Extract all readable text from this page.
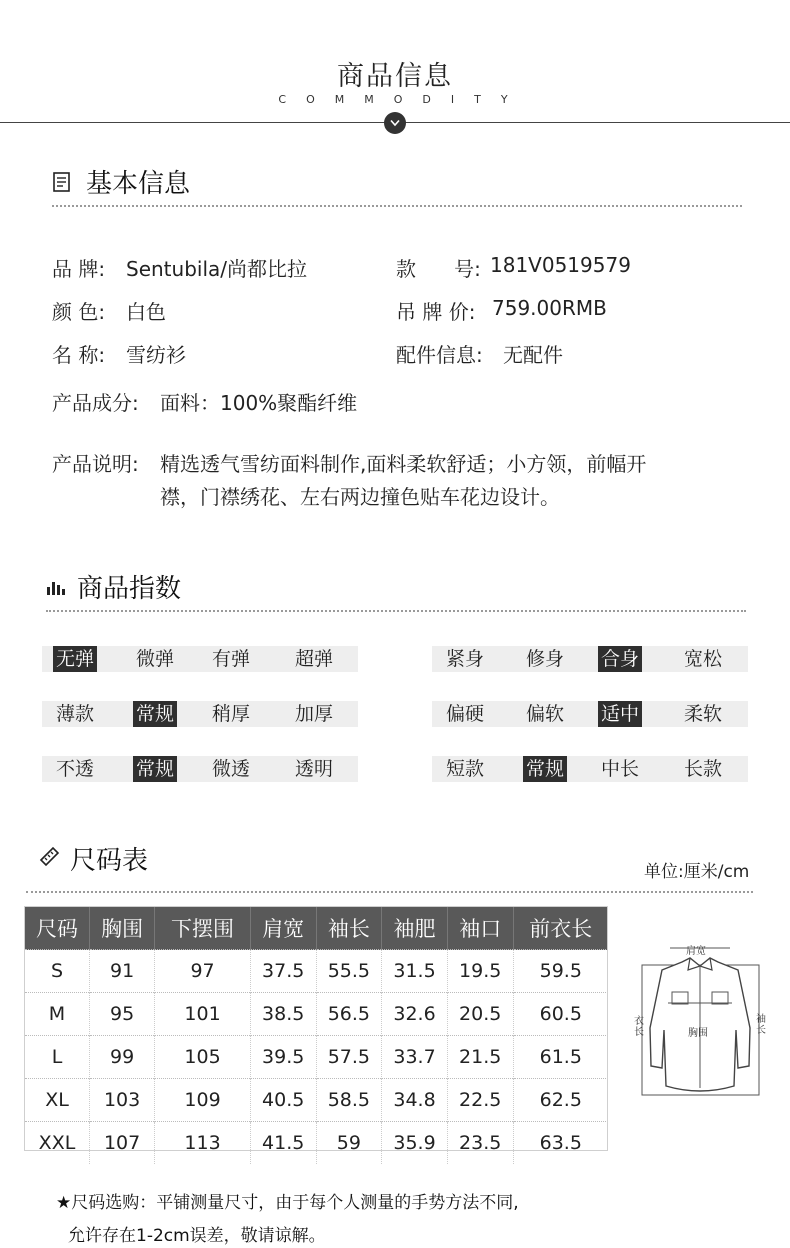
商品信息
COMMODITY
基本信息
品 牌: Sentubila/尚都比拉	款      号: 181V0519579
颜 色: 白色	吊 牌 价: 759.00RMB
名 称: 雪纺衫	配件信息: 无配件
产品成分: 面料：100%聚酯纤维
产品说明: 精选透气雪纺面料制作,面料柔软舒适；小方领，前幅开
襟，门襟绣花、左右两边撞色贴车花边设计。
商品指数
无弹 微弹 有弹 超弹	紧身 修身 合身 宽松
薄款 常规 稍厚 加厚	偏硬 偏软 适中 柔软
不透 常规 微透 透明	短款 常规 中长 长款
尺码表	单位:厘米/cm
尺码	胸围	下摆围	肩宽	袖长	袖肥	袖口	前衣长
S	91	97	37.5	55.5	31.5	19.5	59.5
M	95	101	38.5	56.5	32.6	20.5	60.5
L	99	105	39.5	57.5	33.7	21.5	61.5
XL	103	109	40.5	58.5	34.8	22.5	62.5
XXL	107	113	41.5	59	35.9	23.5	63.5
肩宽
胸围
衣长
袖长
★尺码选购：平铺测量尺寸，由于每个人测量的手势方法不同,
允许存在1-2cm误差，敬请谅解。
